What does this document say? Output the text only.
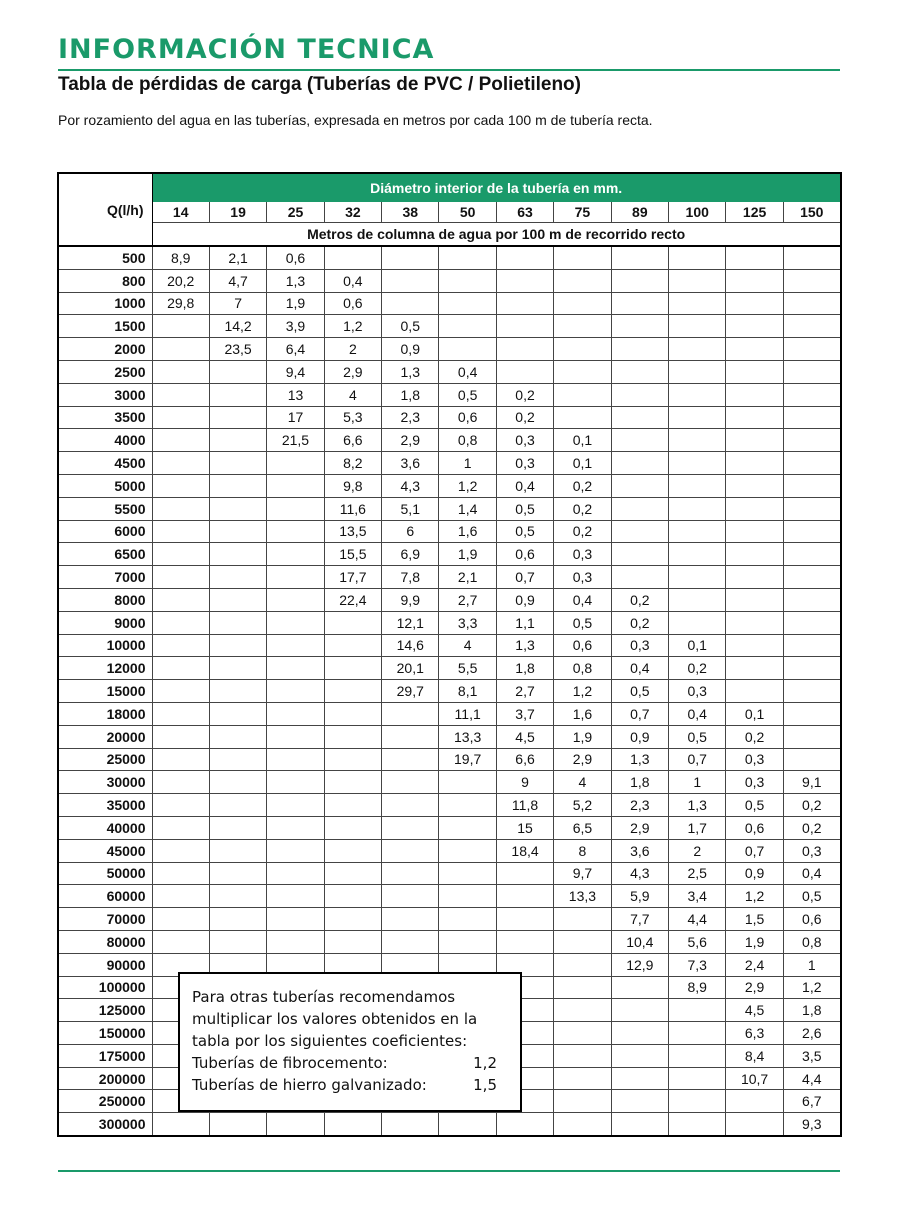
INFORMACIÓN TECNICA
Tabla de pérdidas de carga (Tuberías de PVC / Polietileno)
Por rozamiento del agua en las tuberías, expresada en metros por cada 100 m de tubería recta.
Q(l/h)	Diámetro interior de la tubería en mm.											
	14	19	25	32	38	50	63	75	89	100	125	150
	Metros de columna de agua por 100 m de recorrido recto											
500	8,9	2,1	0,6									
800	20,2	4,7	1,3	0,4								
1000	29,8	7	1,9	0,6								
1500		14,2	3,9	1,2	0,5							
2000		23,5	6,4	2	0,9							
2500			9,4	2,9	1,3	0,4						
3000			13	4	1,8	0,5	0,2					
3500			17	5,3	2,3	0,6	0,2					
4000			21,5	6,6	2,9	0,8	0,3	0,1				
4500				8,2	3,6	1	0,3	0,1				
5000				9,8	4,3	1,2	0,4	0,2				
5500				11,6	5,1	1,4	0,5	0,2				
6000				13,5	6	1,6	0,5	0,2				
6500				15,5	6,9	1,9	0,6	0,3				
7000				17,7	7,8	2,1	0,7	0,3				
8000				22,4	9,9	2,7	0,9	0,4	0,2			
9000					12,1	3,3	1,1	0,5	0,2			
10000					14,6	4	1,3	0,6	0,3	0,1		
12000					20,1	5,5	1,8	0,8	0,4	0,2		
15000					29,7	8,1	2,7	1,2	0,5	0,3		
18000						11,1	3,7	1,6	0,7	0,4	0,1	
20000						13,3	4,5	1,9	0,9	0,5	0,2	
25000						19,7	6,6	2,9	1,3	0,7	0,3	
30000							9	4	1,8	1	0,3	9,1
35000							11,8	5,2	2,3	1,3	0,5	0,2
40000							15	6,5	2,9	1,7	0,6	0,2
45000							18,4	8	3,6	2	0,7	0,3
50000								9,7	4,3	2,5	0,9	0,4
60000								13,3	5,9	3,4	1,2	0,5
70000									7,7	4,4	1,5	0,6
80000									10,4	5,6	1,9	0,8
90000									12,9	7,3	2,4	1
100000										8,9	2,9	1,2
125000											4,5	1,8
150000											6,3	2,6
175000											8,4	3,5
200000											10,7	4,4
250000												6,7
300000												9,3
Para otras tuberías recomendamos
multiplicar los valores obtenidos en la
tabla por los siguientes coeficientes:
Tuberías de fibrocemento:	1,2
Tuberías de hierro galvanizado:	1,5
